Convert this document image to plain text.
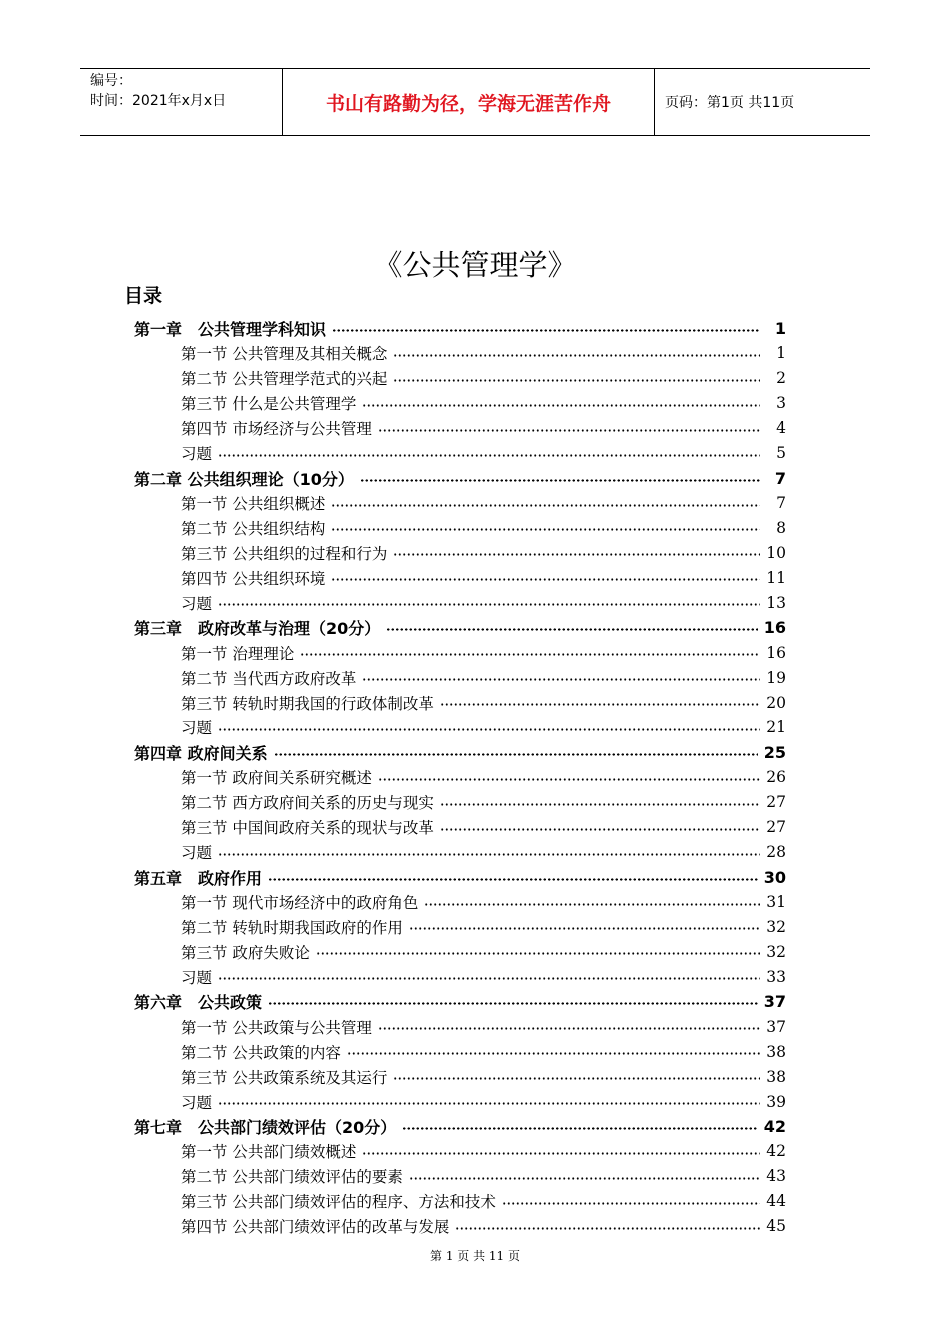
编号：
时间：2021年x月x日	书山有路勤为径，学海无涯苦作舟	页码：第1页 共11页
《公共管理学》
目录
第一章　公共管理学科知识	1
第一节 公共管理及其相关概念	1
第二节 公共管理学范式的兴起	2
第三节 什么是公共管理学	3
第四节 市场经济与公共管理	4
习题	5
第二章 公共组织理论（10分）	7
第一节 公共组织概述	7
第二节 公共组织结构	8
第三节 公共组织的过程和行为	10
第四节 公共组织环境	11
习题	13
第三章　政府改革与治理（20分）	16
第一节 治理理论	16
第二节 当代西方政府改革	19
第三节 转轨时期我国的行政体制改革	20
习题	21
第四章 政府间关系	25
第一节 政府间关系研究概述	26
第二节 西方政府间关系的历史与现实	27
第三节 中国间政府关系的现状与改革	27
习题	28
第五章　政府作用	30
第一节 现代市场经济中的政府角色	31
第二节 转轨时期我国政府的作用	32
第三节 政府失败论	32
习题	33
第六章　公共政策	37
第一节 公共政策与公共管理	37
第二节 公共政策的内容	38
第三节 公共政策系统及其运行	38
习题	39
第七章　公共部门绩效评估（20分）	42
第一节 公共部门绩效概述	42
第二节 公共部门绩效评估的要素	43
第三节 公共部门绩效评估的程序、方法和技术	44
第四节 公共部门绩效评估的改革与发展	45
第 1 页 共 11 页
